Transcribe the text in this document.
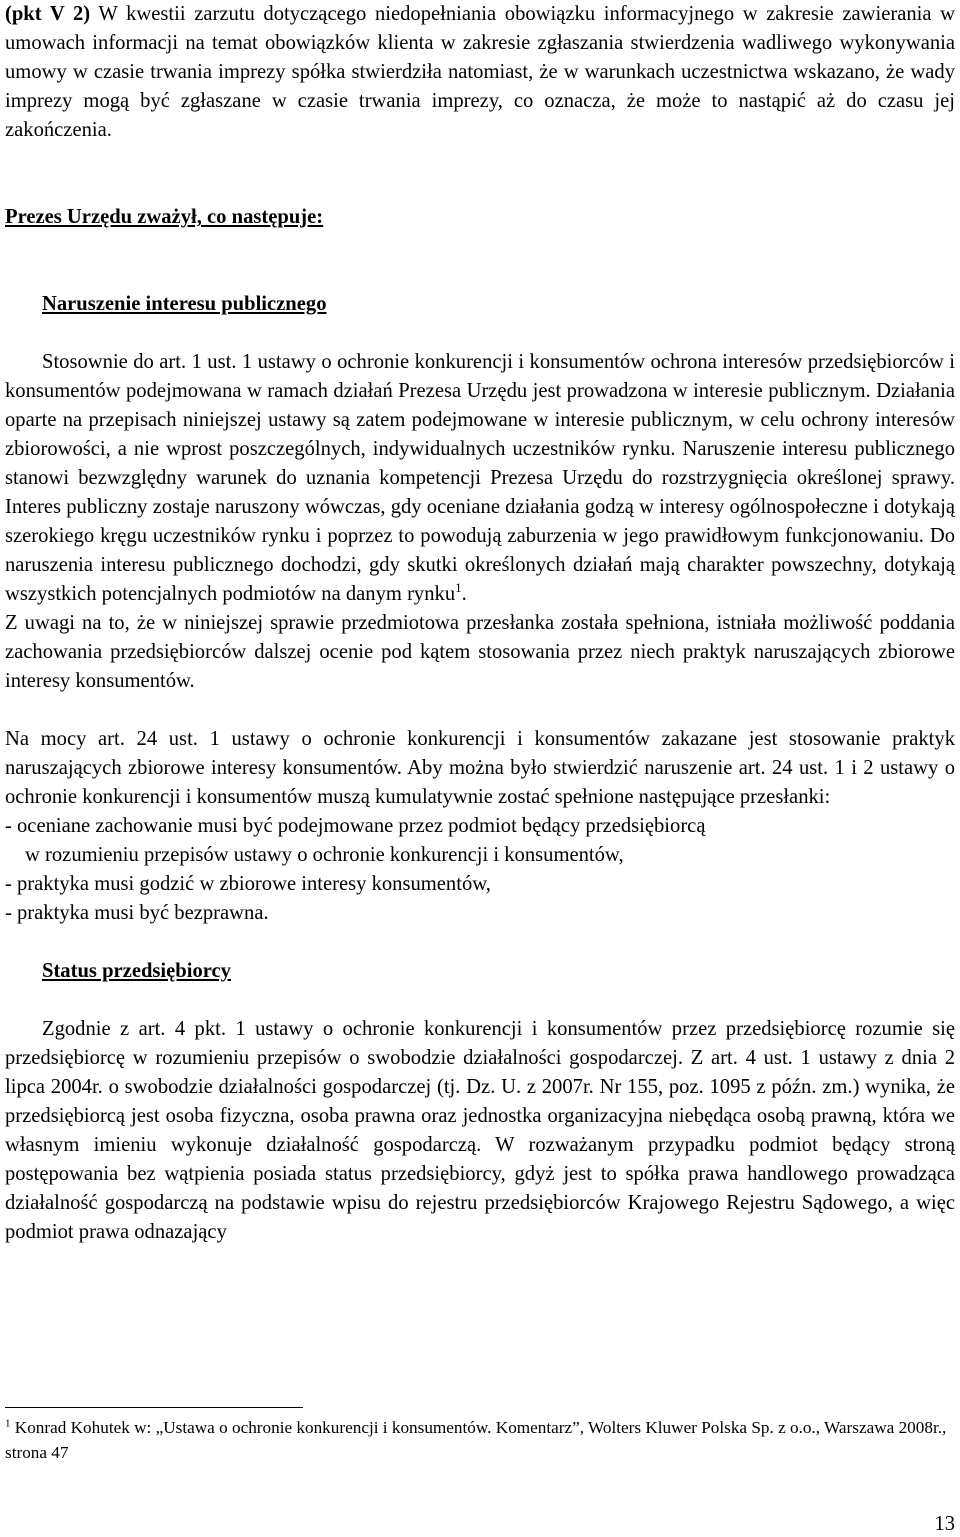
(pkt V 2) W kwestii zarzutu dotyczącego niedopełniania obowiązku informacyjnego w zakresie zawierania w umowach informacji na temat obowiązków klienta w zakresie zgłaszania stwierdzenia wadliwego wykonywania umowy w czasie trwania imprezy spółka stwierdziła natomiast, że w warunkach uczestnictwa wskazano, że wady imprezy mogą być zgłaszane w czasie trwania imprezy, co oznacza, że może to nastąpić aż do czasu jej zakończenia.

Prezes Urzędu zważył, co następuje:

Naruszenie interesu publicznego

Stosownie do art. 1 ust. 1 ustawy o ochronie konkurencji i konsumentów ochrona interesów przedsiębiorców i konsumentów podejmowana w ramach działań Prezesa Urzędu jest prowadzona w interesie publicznym. Działania oparte na przepisach niniejszej ustawy są zatem podejmowane w interesie publicznym, w celu ochrony interesów zbiorowości, a nie wprost poszczególnych, indywidualnych uczestników rynku. Naruszenie interesu publicznego stanowi bezwzględny warunek do uznania kompetencji Prezesa Urzędu do rozstrzygnięcia określonej sprawy. Interes publiczny zostaje naruszony wówczas, gdy oceniane działania godzą w interesy ogólnospołeczne i dotykają szerokiego kręgu uczestników rynku i poprzez to powodują zaburzenia w jego prawidłowym funkcjonowaniu. Do naruszenia interesu publicznego dochodzi, gdy skutki określonych działań mają charakter powszechny, dotykają wszystkich potencjalnych podmiotów na danym rynku$^1$.

Z uwagi na to, że w niniejszej sprawie przedmiotowa przesłanka została spełniona, istniała możliwość poddania zachowania przedsiębiorców dalszej ocenie pod kątem stosowania przez niech praktyk naruszających zbiorowe interesy konsumentów.

Na mocy art. 24 ust. 1 ustawy o ochronie konkurencji i konsumentów zakazane jest stosowanie praktyk naruszających zbiorowe interesy konsumentów. Aby można było stwierdzić naruszenie art. 24 ust. 1 i 2 ustawy o ochronie konkurencji i konsumentów muszą kumulatywnie zostać spełnione następujące przesłanki:

- oceniane zachowanie musi być podejmowane przez podmiot będący przedsiębiorcą
w rozumieniu przepisów ustawy o ochronie konkurencji i konsumentów,

- praktyka musi godzić w zbiorowe interesy konsumentów,

- praktyka musi być bezprawna.

Status przedsiębiorcy

Zgodnie z art. 4 pkt. 1 ustawy o ochronie konkurencji i konsumentów przez przedsiębiorcę rozumie się przedsiębiorcę w rozumieniu przepisów o swobodzie działalności gospodarczej. Z art. 4 ust. 1 ustawy z dnia 2 lipca 2004r. o swobodzie działalności gospodarczej (tj. Dz. U. z 2007r. Nr 155, poz. 1095 z późn. zm.) wynika, że przedsiębiorcą jest osoba fizyczna, osoba prawna oraz jednostka organizacyjna niebędąca osobą prawną, która we własnym imieniu wykonuje działalność gospodarczą. W rozważanym przypadku podmiot będący stroną postępowania bez wątpienia posiada status przedsiębiorcy, gdyż jest to spółka prawa handlowego prowadząca działalność gospodarczą na podstawie wpisu do rejestru przedsiębiorców Krajowego Rejestru Sądowego, a więc podmiot prawa odnazający

$^1$ Konrad Kohutek w: „Ustawa o ochronie konkurencji i konsumentów. Komentarz”, Wolters Kluwer Polska Sp. z o.o., Warszawa 2008r., strona 47
13
